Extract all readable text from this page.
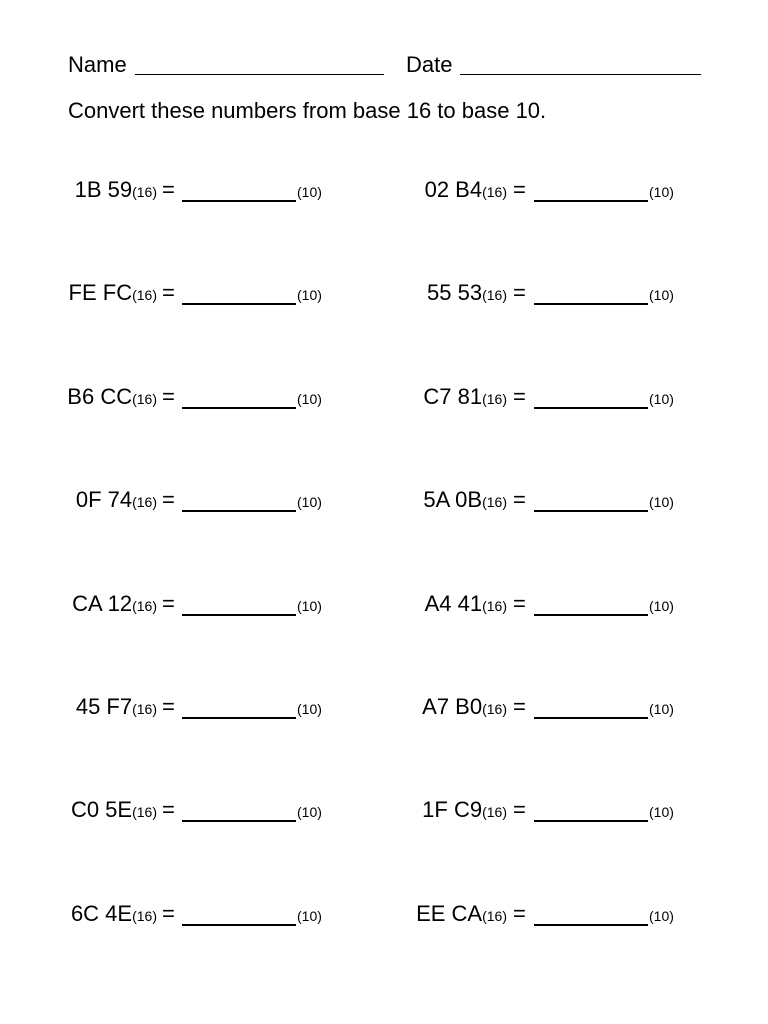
Name	Date
Convert these numbers from base 16 to base 10.
1B 59(16) =	(10)
FE FC(16) =	(10)
B6 CC(16) =	(10)
0F 74(16) =	(10)
CA 12(16) =	(10)
45 F7(16) =	(10)
C0 5E(16) =	(10)
6C 4E(16) =	(10)
02 B4(16) =	(10)
55 53(16) =	(10)
C7 81(16) =	(10)
5A 0B(16) =	(10)
A4 41(16) =	(10)
A7 B0(16) =	(10)
1F C9(16) =	(10)
EE CA(16) =	(10)
